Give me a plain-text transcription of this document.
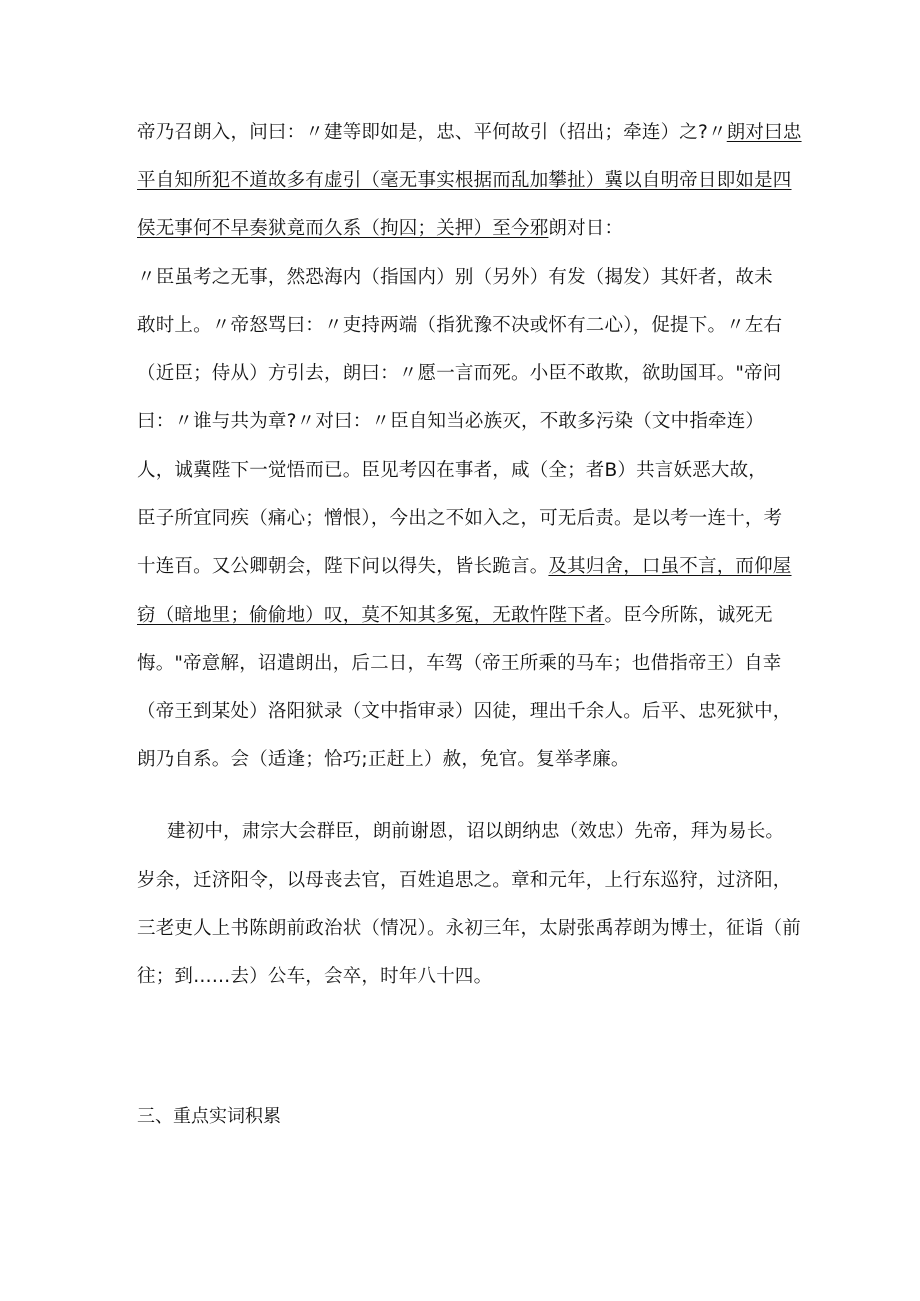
帝乃召朗入，问曰：〃建等即如是，忠、平何故引（招出；牵连）之?〃朗对曰忠
平自知所犯不道故多有虚引（毫无事实根据而乱加攀扯）冀以自明帝日即如是四
侯无事何不早奏狱竟而久系（拘囚；关押）至今邪朗对日：
〃臣虽考之无事，然恐海内（指国内）别（另外）有发（揭发）其奸者，故未
敢时上。〃帝怒骂曰：〃吏持两端（指犹豫不决或怀有二心），促提下。〃左右
（近臣；侍从）方引去，朗曰：〃愿一言而死。小臣不敢欺，欲助国耳。"帝问
曰：〃谁与共为章?〃对曰：〃臣自知当必族灭，不敢多污染（文中指牵连）
人，诚冀陛下一觉悟而已。臣见考囚在事者，咸（全；者B）共言妖恶大故，
臣子所宜同疾（痛心；憎恨），今出之不如入之，可无后责。是以考一连十，考
十连百。又公卿朝会，陛下问以得失，皆长跪言。及其归舍，口虽不言，而仰屋
窃（暗地里；偷偷地）叹，莫不知其多冤，无敢忤陛下者。臣今所陈，诚死无
悔。"帝意解，诏遣朗出，后二日，车驾（帝王所乘的马车；也借指帝王）自幸
（帝王到某处）洛阳狱录（文中指审录）囚徒，理出千余人。后平、忠死狱中，
朗乃自系。会（适逢；恰巧;正赶上）赦，免官。复举孝廉。
建初中，肃宗大会群臣，朗前谢恩，诏以朗纳忠（效忠）先帝，拜为易长。
岁余，迁济阳令，以母丧去官，百姓追思之。章和元年，上行东巡狩，过济阳，
三老吏人上书陈朗前政治状（情况）。永初三年，太尉张禹荐朗为博士，征诣（前
往；到……去）公车，会卒，时年八十四。
三、重点实词积累
